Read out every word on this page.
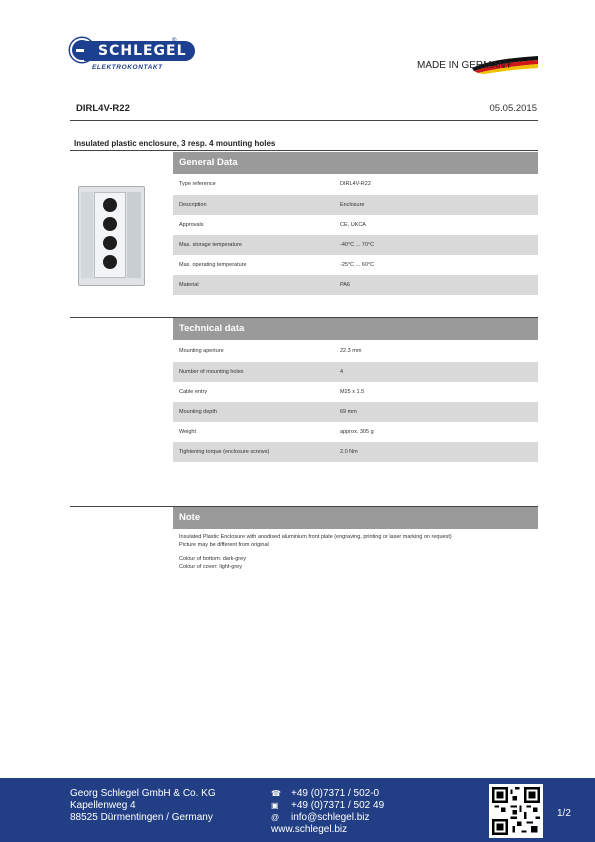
SCHLEGEL
®
ELEKTROKONTAKT	MADE IN GERMANY
DIRL4V-R22	05.05.2015
Insulated plastic enclosure, 3 resp. 4 mounting holes
General Data
Type reference	DIRL4V-R22
Description	Enclosure
Approvals	CE, UKCA
Max. storage temperature	-40°C ... 70°C
Max. operating temperature	-25°C ... 60°C
Material	PA6
Technical data
Mounting aperture	22.3 mm
Number of mounting holes	4
Cable entry	M25 x 1.5
Mounting depth	69 mm
Weight	approx. 305 g
Tightening torque (enclosure screws)	2.0 Nm
Note

Insulated Plastic Enclosure with anodised aluminium front plate (engraving, printing or laser marking on request)

Picture may be different from original

Colour of bottom: dark-grey

Colour of cover: light-grey

Georg Schlegel GmbH & Co. KG
Kapellenweg 4
88525 Dürmentingen / Germany
☎ +49 (0)7371 / 502-0
▣ +49 (0)7371 / 502 49
@ info@schlegel.biz
www.schlegel.biz
1/2
